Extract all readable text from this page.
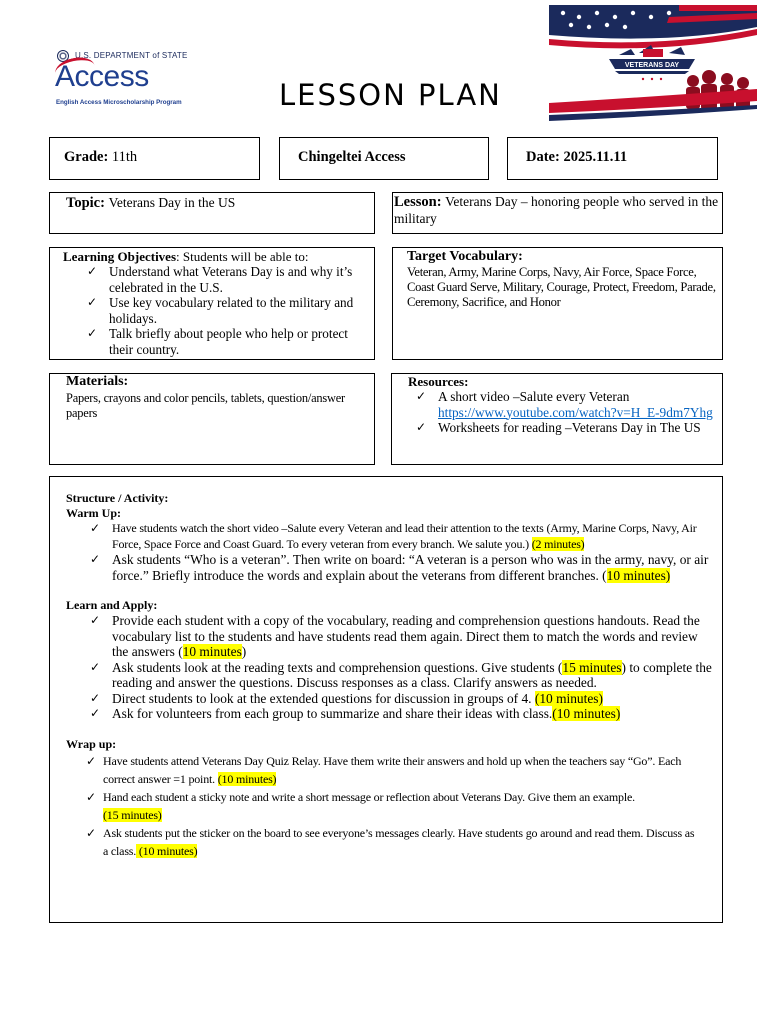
U.S. DEPARTMENT of STATE
Access
English Access Microscholarship Program	LESSON PLAN
VETERANS DAY
Grade: 11th	Chingeltei Access	Date: 2025.11.11
Topic: Veterans Day in the US	Lesson: Veterans Day – honoring people who served in the military
Learning Objectives: Students will be able to:
✓ Understand what Veterans Day is and why it’s celebrated in the U.S.
✓ Use key vocabulary related to the military and holidays.
✓ Talk briefly about people who help or protect their country.
Target Vocabulary:
Veteran, Army, Marine Corps, Navy, Air Force, Space Force, Coast Guard Serve, Military, Courage, Protect, Freedom, Parade, Ceremony, Sacrifice, and Honor
Materials:
Papers, crayons and color pencils, tablets, question/answer papers
Resources:
✓ A short video –Salute every Veteran
https://www.youtube.com/watch?v=H_E-9dm7Yhg
✓ Worksheets for reading –Veterans Day in The US
Structure / Activity:
Warm Up:
✓ Have students watch the short video –Salute every Veteran and lead their attention to the texts (Army, Marine Corps, Navy, Air Force, Space Force and Coast Guard. To every veteran from every branch. We salute you.) (2 minutes)
✓ Ask students “Who is a veteran”. Then write on board: “A veteran is a person who was in the army, navy, or air force.” Briefly introduce the words and explain about the veterans from different branches. (10 minutes)
Learn and Apply:
✓ Provide each student with a copy of the vocabulary, reading and comprehension questions handouts. Read the vocabulary list to the students and have students read them again. Direct them to match the words and review the answers (10 minutes)
✓ Ask students look at the reading texts and comprehension questions. Give students (15 minutes) to complete the reading and answer the questions. Discuss responses as a class. Clarify answers as needed.
✓ Direct students to look at the extended questions for discussion in groups of 4. (10 minutes)
✓ Ask for volunteers from each group to summarize and share their ideas with class.(10 minutes)
Wrap up:
✓ Have students attend Veterans Day Quiz Relay. Have them write their answers and hold up when the teachers say “Go”. Each correct answer =1 point. (10 minutes)
✓ Hand each student a sticky note and write a short message or reflection about Veterans Day. Give them an example.
(15 minutes)
✓ Ask students put the sticker on the board to see everyone’s messages clearly. Have students go around and read them. Discuss as a class. (10 minutes)
